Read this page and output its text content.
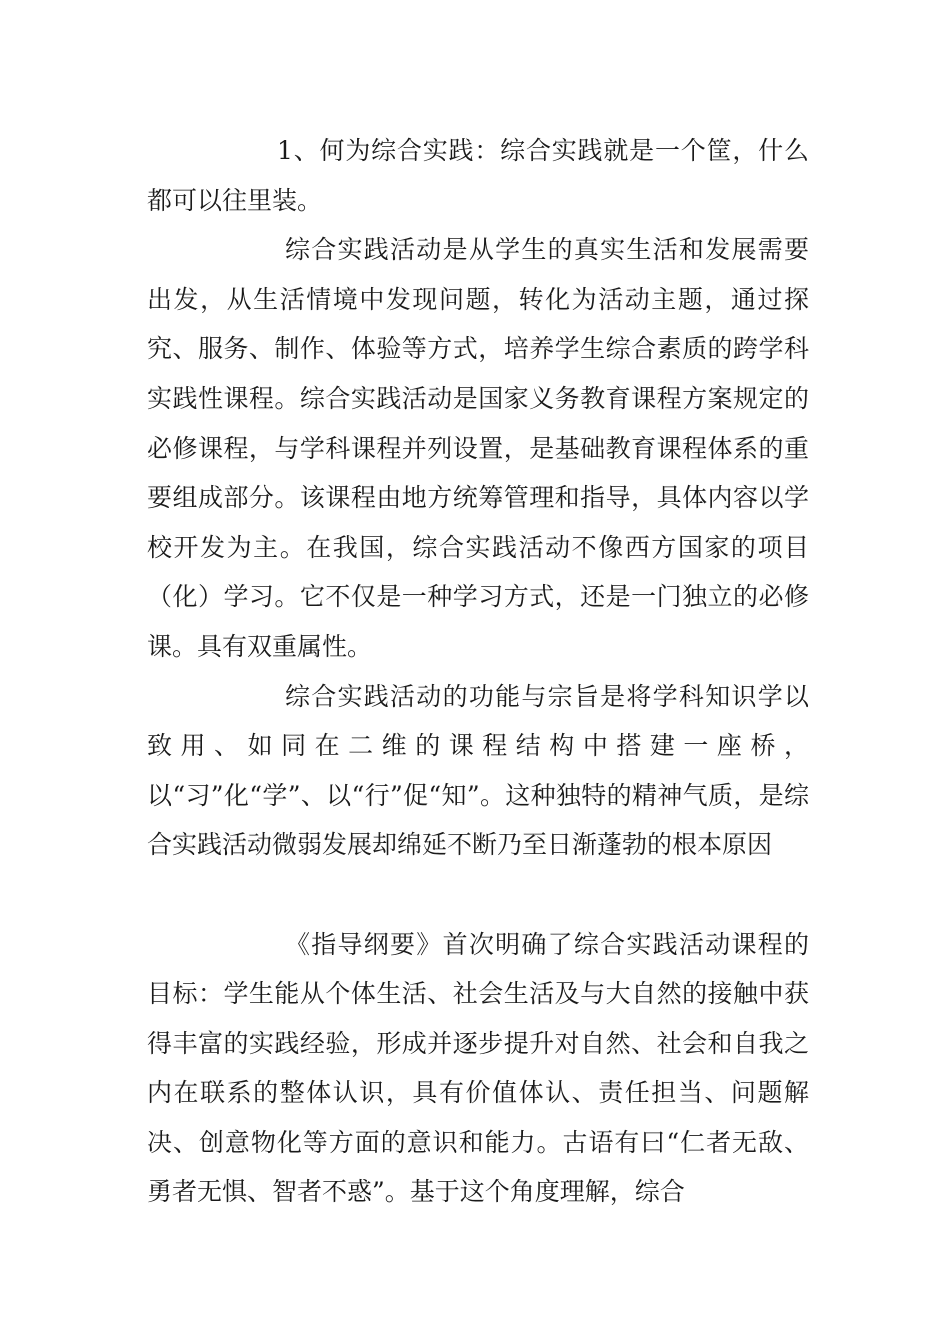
1、何为综合实践：综合实践就是一个筐，什么都可以往里装。

综合实践活动是从学生的真实生活和发展需要出发，从生活情境中发现问题，转化为活动主题，通过探究、服务、制作、体验等方式，培养学生综合素质的跨学科实践性课程。综合实践活动是国家义务教育课程方案规定的必修课程，与学科课程并列设置，是基础教育课程体系的重要组成部分。该课程由地方统筹管理和指导，具体内容以学校开发为主。在我国，综合实践活动不像西方国家的项目（化）学习。它不仅是一种学习方式，还是一门独立的必修课。具有双重属性。

综合实践活动的功能与宗旨是将学科知识学以致用、如同在二维的课程结构中搭建一座桥，以“习”化“学”、以“行”促“知”。这种独特的精神气质，是综合实践活动微弱发展却绵延不断乃至日渐蓬勃的根本原因

《指导纲要》首次明确了综合实践活动课程的目标：学生能从个体生活、社会生活及与大自然的接触中获得丰富的实践经验，形成并逐步提升对自然、社会和自我之内在联系的整体认识，具有价值体认、责任担当、问题解决、创意物化等方面的意识和能力。古语有曰“仁者无敌、勇者无惧、智者不惑”。基于这个角度理解，综合
